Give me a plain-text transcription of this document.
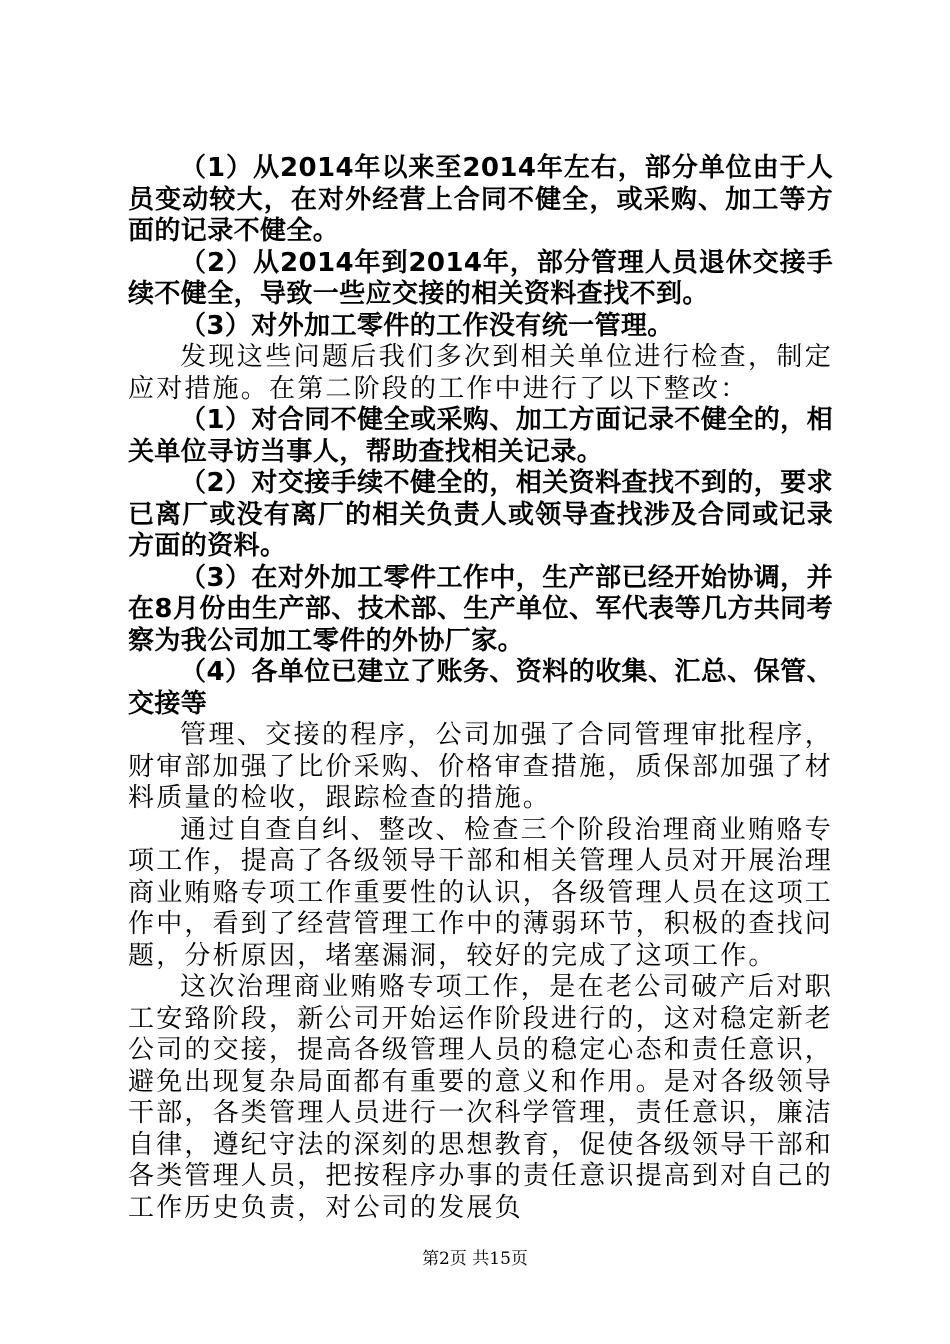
（1）从2014年以来至2014年左右，部分单位由于人员变动较大，在对外经营上合同不健全，或采购、加工等方面的记录不健全。

（2）从2014年到2014年，部分管理人员退休交接手续不健全，导致一些应交接的相关资料查找不到。

（3）对外加工零件的工作没有统一管理。

发现这些问题后我们多次到相关单位进行检查，制定应对措施。在第二阶段的工作中进行了以下整改：

（1）对合同不健全或采购、加工方面记录不健全的，相关单位寻访当事人，帮助查找相关记录。

（2）对交接手续不健全的，相关资料查找不到的，要求已离厂或没有离厂的相关负责人或领导查找涉及合同或记录方面的资料。

（3）在对外加工零件工作中，生产部已经开始协调，并在8月份由生产部、技术部、生产单位、军代表等几方共同考察为我公司加工零件的外协厂家。

（4）各单位已建立了账务、资料的收集、汇总、保管、交接等

管理、交接的程序，公司加强了合同管理审批程序，财审部加强了比价采购、价格审查措施，质保部加强了材料质量的检收，跟踪检查的措施。

通过自查自纠、整改、检查三个阶段治理商业贿赂专项工作，提高了各级领导干部和相关管理人员对开展治理商业贿赂专项工作重要性的认识，各级管理人员在这项工作中，看到了经营管理工作中的薄弱环节，积极的查找问题，分析原因，堵塞漏洞，较好的完成了这项工作。

这次治理商业贿赂专项工作，是在老公司破产后对职工安臵阶段，新公司开始运作阶段进行的，这对稳定新老公司的交接，提高各级管理人员的稳定心态和责任意识，避免出现复杂局面都有重要的意义和作用。是对各级领导干部，各类管理人员进行一次科学管理，责任意识，廉洁自律，遵纪守法的深刻的思想教育，促使各级领导干部和各类管理人员，把按程序办事的责任意识提高到对自己的工作历史负责，对公司的发展负

第2页 共15页
